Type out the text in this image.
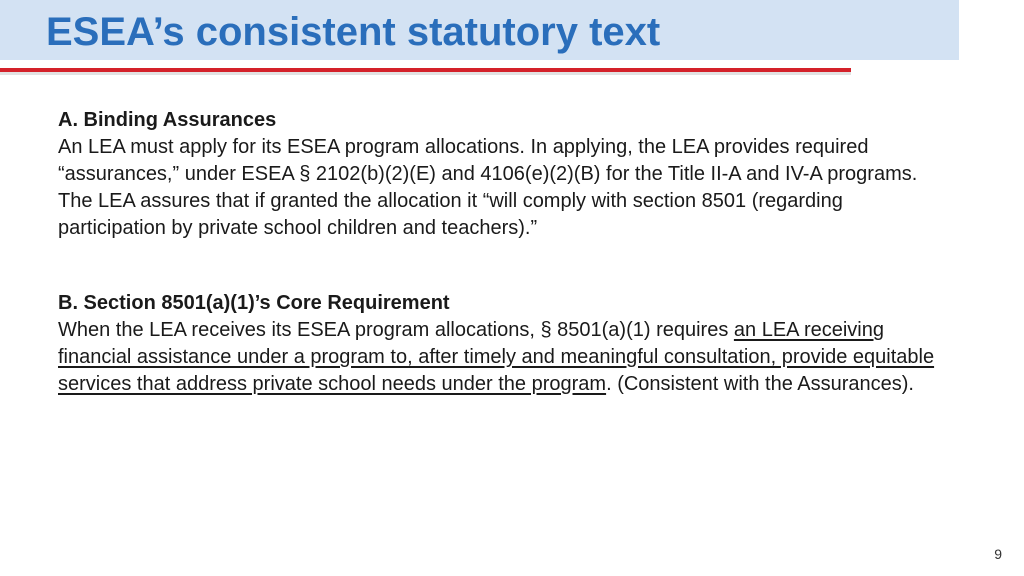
ESEA’s consistent statutory text
A. Binding Assurances
An LEA must apply for its ESEA program allocations. In applying, the LEA provides required “assurances,” under ESEA § 2102(b)(2)(E) and 4106(e)(2)(B) for the Title II-A and IV-A programs. The LEA assures that if granted the allocation it “will comply with section 8501 (regarding participation by private school children and teachers).”
B. Section 8501(a)(1)’s Core Requirement
When the LEA receives its ESEA program allocations, § 8501(a)(1) requires an LEA receiving financial assistance under a program to, after timely and meaningful consultation, provide equitable services that address private school needs under the program. (Consistent with the Assurances).
9
